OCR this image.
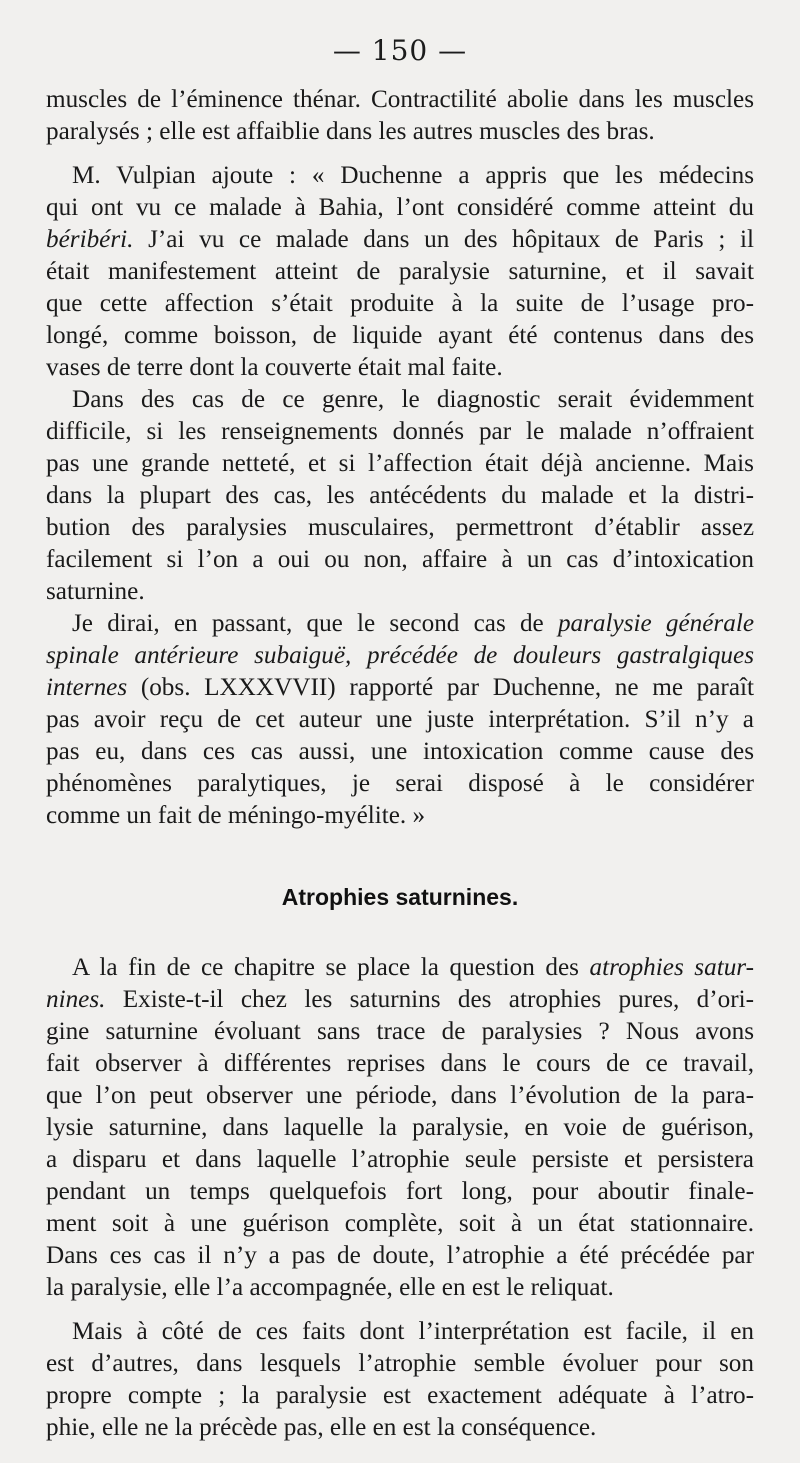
— 150 —
muscles de l’éminence thénar. Contractilité abolie dans les muscles
paralysés ; elle est affaiblie dans les autres muscles des bras.
M. Vulpian ajoute : « Duchenne a appris que les médecins
qui ont vu ce malade à Bahia, l’ont considéré comme atteint du
béribéri. J’ai vu ce malade dans un des hôpitaux de Paris ; il
était manifestement atteint de paralysie saturnine, et il savait
que cette affection s’était produite à la suite de l’usage pro-
longé, comme boisson, de liquide ayant été contenus dans des
vases de terre dont la couverte était mal faite.
Dans des cas de ce genre, le diagnostic serait évidemment
difficile, si les renseignements donnés par le malade n’offraient
pas une grande netteté, et si l’affection était déjà ancienne. Mais
dans la plupart des cas, les antécédents du malade et la distri-
bution des paralysies musculaires, permettront d’établir assez
facilement si l’on a oui ou non, affaire à un cas d’intoxication
saturnine.
Je dirai, en passant, que le second cas de paralysie générale
spinale antérieure subaiguë, précédée de douleurs gastralgiques
internes (obs. LXXXVVII) rapporté par Duchenne, ne me paraît
pas avoir reçu de cet auteur une juste interprétation. S’il n’y a
pas eu, dans ces cas aussi, une intoxication comme cause des
phénomènes paralytiques, je serai disposé à le considérer
comme un fait de méningo-myélite. »
Atrophies saturnines.
A la fin de ce chapitre se place la question des atrophies satur-
nines. Existe-t-il chez les saturnins des atrophies pures, d’ori-
gine saturnine évoluant sans trace de paralysies ? Nous avons
fait observer à différentes reprises dans le cours de ce travail,
que l’on peut observer une période, dans l’évolution de la para-
lysie saturnine, dans laquelle la paralysie, en voie de guérison,
a disparu et dans laquelle l’atrophie seule persiste et persistera
pendant un temps quelquefois fort long, pour aboutir finale-
ment soit à une guérison complète, soit à un état stationnaire.
Dans ces cas il n’y a pas de doute, l’atrophie a été précédée par
la paralysie, elle l’a accompagnée, elle en est le reliquat.
Mais à côté de ces faits dont l’interprétation est facile, il en
est d’autres, dans lesquels l’atrophie semble évoluer pour son
propre compte ; la paralysie est exactement adéquate à l’atro-
phie, elle ne la précède pas, elle en est la conséquence.
